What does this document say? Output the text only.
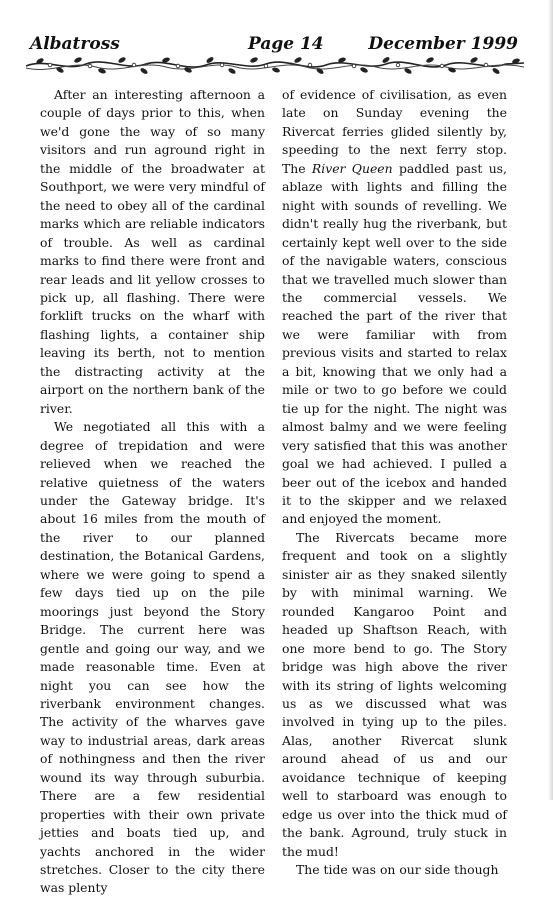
Albatross	Page 14	December 1999

After an interesting afternoon a couple of days prior to this, when we'd gone the way of so many visitors and run aground right in the middle of the broadwater at Southport, we were very mindful of the need to obey all of the cardinal marks which are reliable indicators of trouble. As well as cardinal marks to find there were front and rear leads and lit yellow crosses to pick up, all flashing. There were forklift trucks on the wharf with flashing lights, a container ship leaving its berth, not to mention the distracting activity at the airport on the northern bank of the river.

We negotiated all this with a degree of trepidation and were relieved when we reached the relative quietness of the waters under the Gateway bridge. It's about 16 miles from the mouth of the river to our planned destination, the Botanical Gardens, where we were going to spend a few days tied up on the pile moorings just beyond the Story Bridge. The current here was gentle and going our way, and we made reasonable time. Even at night you can see how the riverbank environment changes. The activity of the wharves gave way to industrial areas, dark areas of nothingness and then the river wound its way through suburbia. There are a few residential properties with their own private jetties and boats tied up, and yachts anchored in the wider stretches. Closer to the city there was plenty

of evidence of civilisation, as even late on Sunday evening the Rivercat ferries glided silently by, speeding to the next ferry stop. The River Queen paddled past us, ablaze with lights and filling the night with sounds of revelling. We didn't really hug the riverbank, but certainly kept well over to the side of the navigable waters, conscious that we travelled much slower than the commercial vessels. We reached the part of the river that we were familiar with from previous visits and started to relax a bit, knowing that we only had a mile or two to go before we could tie up for the night. The night was almost balmy and we were feeling very satisfied that this was another goal we had achieved. I pulled a beer out of the icebox and handed it to the skipper and we relaxed and enjoyed the moment.

The Rivercats became more frequent and took on a slightly sinister air as they snaked silently by with minimal warning. We rounded Kangaroo Point and headed up Shaftson Reach, with one more bend to go. The Story bridge was high above the river with its string of lights welcoming us as we discussed what was involved in tying up to the piles. Alas, another Rivercat slunk around ahead of us and our avoidance technique of keeping well to starboard was enough to edge us over into the thick mud of the bank. Aground, truly stuck in the mud!

The tide was on our side though
